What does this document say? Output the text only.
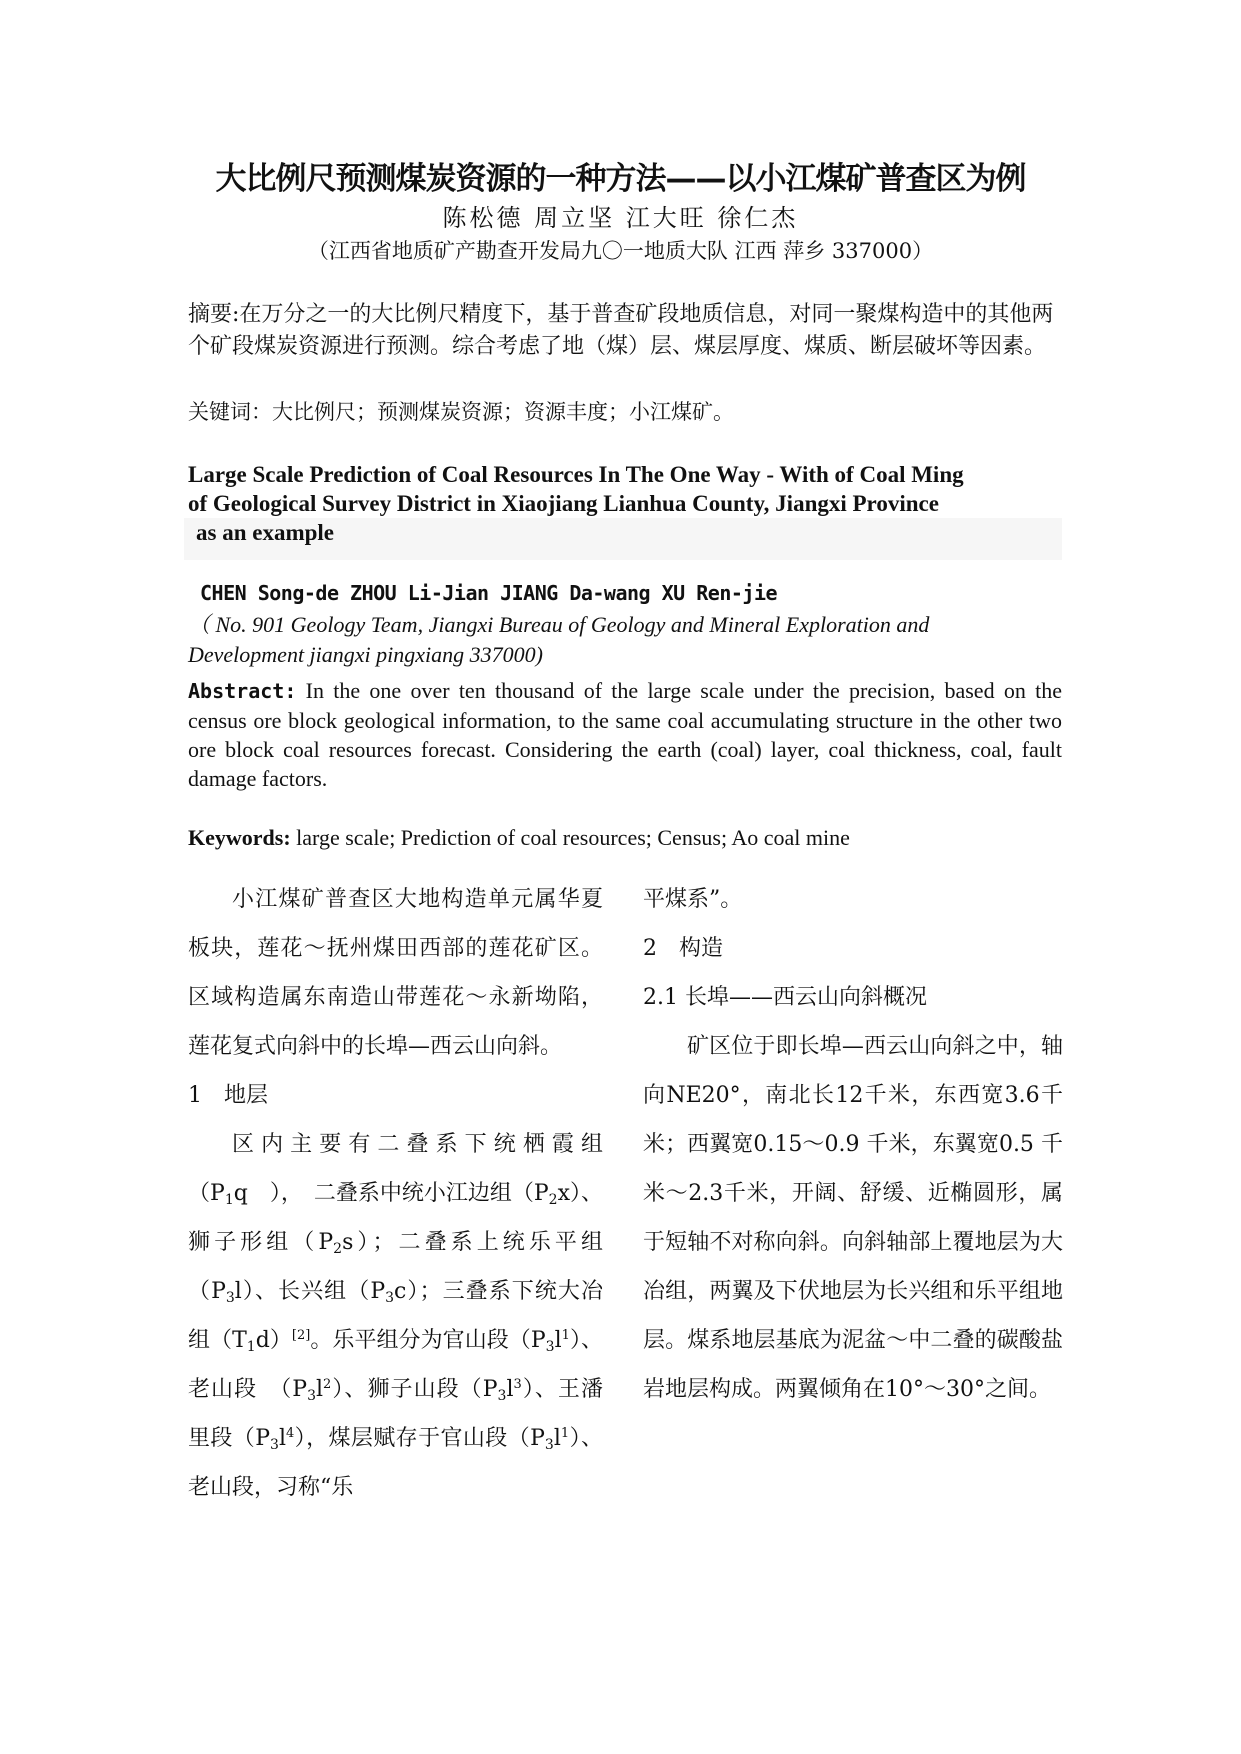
大比例尺预测煤炭资源的一种方法——以小江煤矿普查区为例
陈松德 周立坚 江大旺 徐仁杰
（江西省地质矿产勘查开发局九〇一地质大队 江西 萍乡 337000）
摘要:在万分之一的大比例尺精度下，基于普查矿段地质信息，对同一聚煤构造中的其他两个矿段煤炭资源进行预测。综合考虑了地（煤）层、煤层厚度、煤质、断层破坏等因素。
关键词：大比例尺；预测煤炭资源；资源丰度；小江煤矿。
Large Scale Prediction of Coal Resources In The One Way - With of Coal Ming
of Geological Survey District in Xiaojiang Lianhua County, Jiangxi Province
as an example
CHEN Song-de ZHOU Li-Jian JIANG Da-wang XU Ren-jie
（ No. 901 Geology Team, Jiangxi Bureau of Geology and Mineral Exploration and
Development jiangxi pingxiang 337000)
Abstract: In the one over ten thousand of the large scale under the precision, based on the census ore block geological information, to the same coal accumulating structure in the other two ore block coal resources forecast. Considering the earth (coal) layer, coal thickness, coal, fault damage factors.
Keywords: large scale; Prediction of coal resources; Census; Ao coal mine

小江煤矿普查区大地构造单元属华夏板块，莲花～抚州煤田西部的莲花矿区。区域构造属东南造山带莲花～永新坳陷，莲花复式向斜中的长埠—西云山向斜。

1　地层

区内主要有二叠系下统栖霞组（$P_1q$　），　二叠系中统小江边组$(P_2x)$、狮子形组$(P_2s)$；二叠系上统乐平组$(P_3l)$、长兴组$(P_3c)$；三叠系下统大冶组$(T_1d)[2]$。乐平组分为官山段$(P_3l^1)$、老山段　$(P_3l^2)$、狮子山段$(P_3l^3)$、王潘里段$(P_3l^4)$，煤层赋存于官山段$(P_3l^1)$、老山段，习称“乐

平煤系”。

2　构造

2.1 长埠——西云山向斜概况

矿区位于即长埠—西云山向斜之中，轴向NE20°，南北长12千米，东西宽3.6千米；西翼宽0.15～0.9 千米，东翼宽0.5 千米～2.3千米，开阔、舒缓、近椭圆形，属于短轴不对称向斜。向斜轴部上覆地层为大冶组，两翼及下伏地层为长兴组和乐平组地层。煤系地层基底为泥盆～中二叠的碳酸盐岩地层构成。两翼倾角在10°～30°之间。
